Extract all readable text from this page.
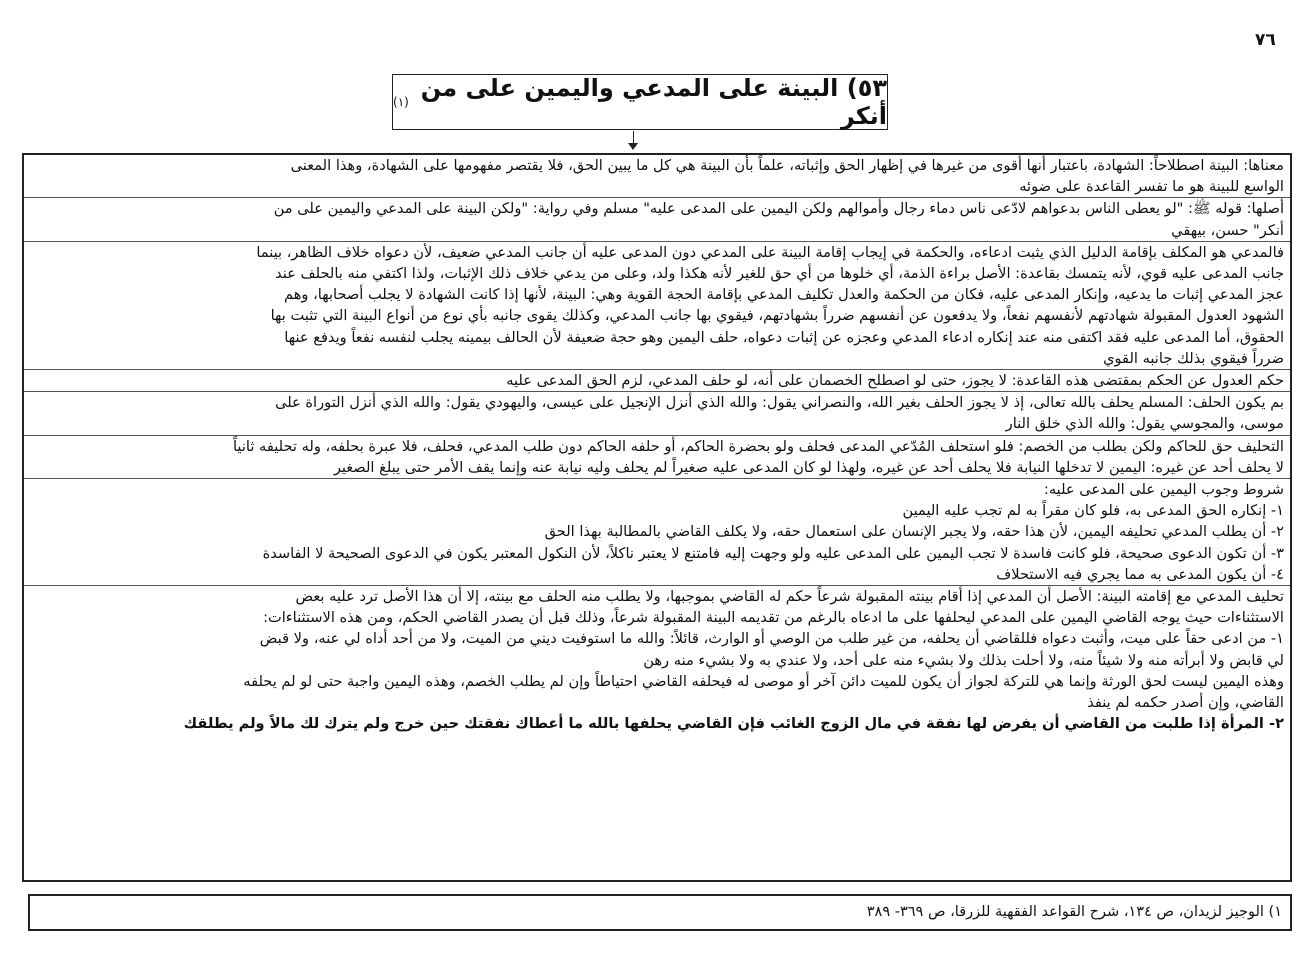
٧٦
٥٣) البينة على المدعي واليمين على من أنكر
(١)
معناها: البينة اصطلاحاً: الشهادة، باعتبار أنها أقوى من غيرها في إظهار الحق وإثباته، علماً بأن البينة هي كل ما يبين الحق، فلا يقتصر مفهومها على الشهادة، وهذا المعنى
الواسع للبينة هو ما تفسر القاعدة على ضوئه
أصلها: قوله ﷺ: "لو يعطى الناس بدعواهم لادّعى ناس دماء رجال وأموالهم ولكن اليمين على المدعى عليه" مسلم وفي رواية: "ولكن البينة على المدعي واليمين على من
أنكر" حسن، بيهقي
فالمدعي هو المكلف بإقامة الدليل الذي يثبت ادعاءه، والحكمة في إيجاب إقامة البينة على المدعي دون المدعى عليه أن جانب المدعي ضعيف، لأن دعواه خلاف الظاهر، بينما
جانب المدعى عليه قوي، لأنه يتمسك بقاعدة: الأصل براءة الذمة، أي خلوها من أي حق للغير لأنه هكذا ولد، وعلى من يدعي خلاف ذلك الإثبات، ولذا اكتفي منه بالحلف عند
عجز المدعي إثبات ما يدعيه، وإنكار المدعى عليه، فكان من الحكمة والعدل تكليف المدعي بإقامة الحجة القوية وهي: البينة، لأنها إذا كانت الشهادة لا يجلب أصحابها، وهم
الشهود العدول المقبولة شهادتهم لأنفسهم نفعاً، ولا يدفعون عن أنفسهم ضرراً بشهادتهم، فيقوي بها جانب المدعي، وكذلك يقوى جانبه بأي نوع من أنواع البينة التي تثبت بها
الحقوق، أما المدعى عليه فقد اكتفى منه عند إنكاره ادعاء المدعي وعجزه عن إثبات دعواه، حلف اليمين وهو حجة ضعيفة لأن الحالف بيمينه يجلب لنفسه نفعاً ويدفع عنها
ضرراً فيقوي بذلك جانبه القوي
حكم العدول عن الحكم بمقتضى هذه القاعدة: لا يجوز، حتى لو اصطلح الخصمان على أنه، لو حلف المدعي، لزم الحق المدعى عليه
بم يكون الحلف: المسلم يحلف بالله تعالى، إذ لا يجوز الحلف بغير الله، والنصراني يقول: والله الذي أنزل الإنجيل على عيسى، واليهودي يقول: والله الذي أنزل التوراة على
موسى، والمجوسي يقول: والله الذي خلق النار
التحليف حق للحاكم ولكن بطلب من الخصم: فلو استحلف المُدّعي المدعى فحلف ولو بحضرة الحاكم، أو حلفه الحاكم دون طلب المدعي، فحلف، فلا عبرة بحلفه، وله تحليفه ثانياً
لا يحلف أحد عن غيره: اليمين لا تدخلها النيابة فلا يحلف أحد عن غيره، ولهذا لو كان المدعى عليه صغيراً لم يحلف وليه نيابة عنه وإنما يقف الأمر حتى يبلغ الصغير
شروط وجوب اليمين على المدعى عليه:
١- إنكاره الحق المدعى به، فلو كان مقراً به لم تجب عليه اليمين
٢- أن يطلب المدعي تحليفه اليمين، لأن هذا حقه، ولا يجبر الإنسان على استعمال حقه، ولا يكلف القاضي بالمطالبة بهذا الحق
٣- أن تكون الدعوى صحيحة، فلو كانت فاسدة لا تجب اليمين على المدعى عليه ولو وجهت إليه فامتنع لا يعتبر ناكلاً، لأن النكول المعتبر يكون في الدعوى الصحيحة لا الفاسدة
٤- أن يكون المدعى به مما يجري فيه الاستحلاف
تحليف المدعي مع إقامته البينة: الأصل أن المدعي إذا أقام بينته المقبولة شرعاً حكم له القاضي بموجبها، ولا يطلب منه الحلف مع بينته، إلا أن هذا الأصل ترد عليه بعض
الاستثناءات حيث يوجه القاضي اليمين على المدعي ليحلفها على ما ادعاه بالرغم من تقديمه البينة المقبولة شرعاً، وذلك قبل أن يصدر القاضي الحكم، ومن هذه الاستثناءات:
١- من ادعى حقاً على ميت، وأثبت دعواه فللقاضي أن يحلفه، من غير طلب من الوصي أو الوارث، قائلاً: والله ما استوفيت ديني من الميت، ولا من أحد أداه لي عنه، ولا قبض
لي قابض ولا أبرأته منه ولا شيئاً منه، ولا أحلت بذلك ولا بشيء منه على أحد، ولا عندي به ولا بشيء منه رهن
وهذه اليمين ليست لحق الورثة وإنما هي للتركة لجواز أن يكون للميت دائن آخر أو موصى له فيحلفه القاضي احتياطاً وإن لم يطلب الخصم، وهذه اليمين واجبة حتى لو لم يحلفه
القاضي، وإن أصدر حكمه لم ينفذ
٢- المرأة إذا طلبت من القاضي أن يفرض لها نفقة في مال الزوج الغائب فإن القاضي يحلفها بالله ما أعطاك نفقتك حين خرج ولم يترك لك مالاً ولم يطلقك
١) الوجيز لزيدان، ص ١٣٤، شرح القواعد الفقهية للزرقا، ص ٣٦٩- ٣٨٩
